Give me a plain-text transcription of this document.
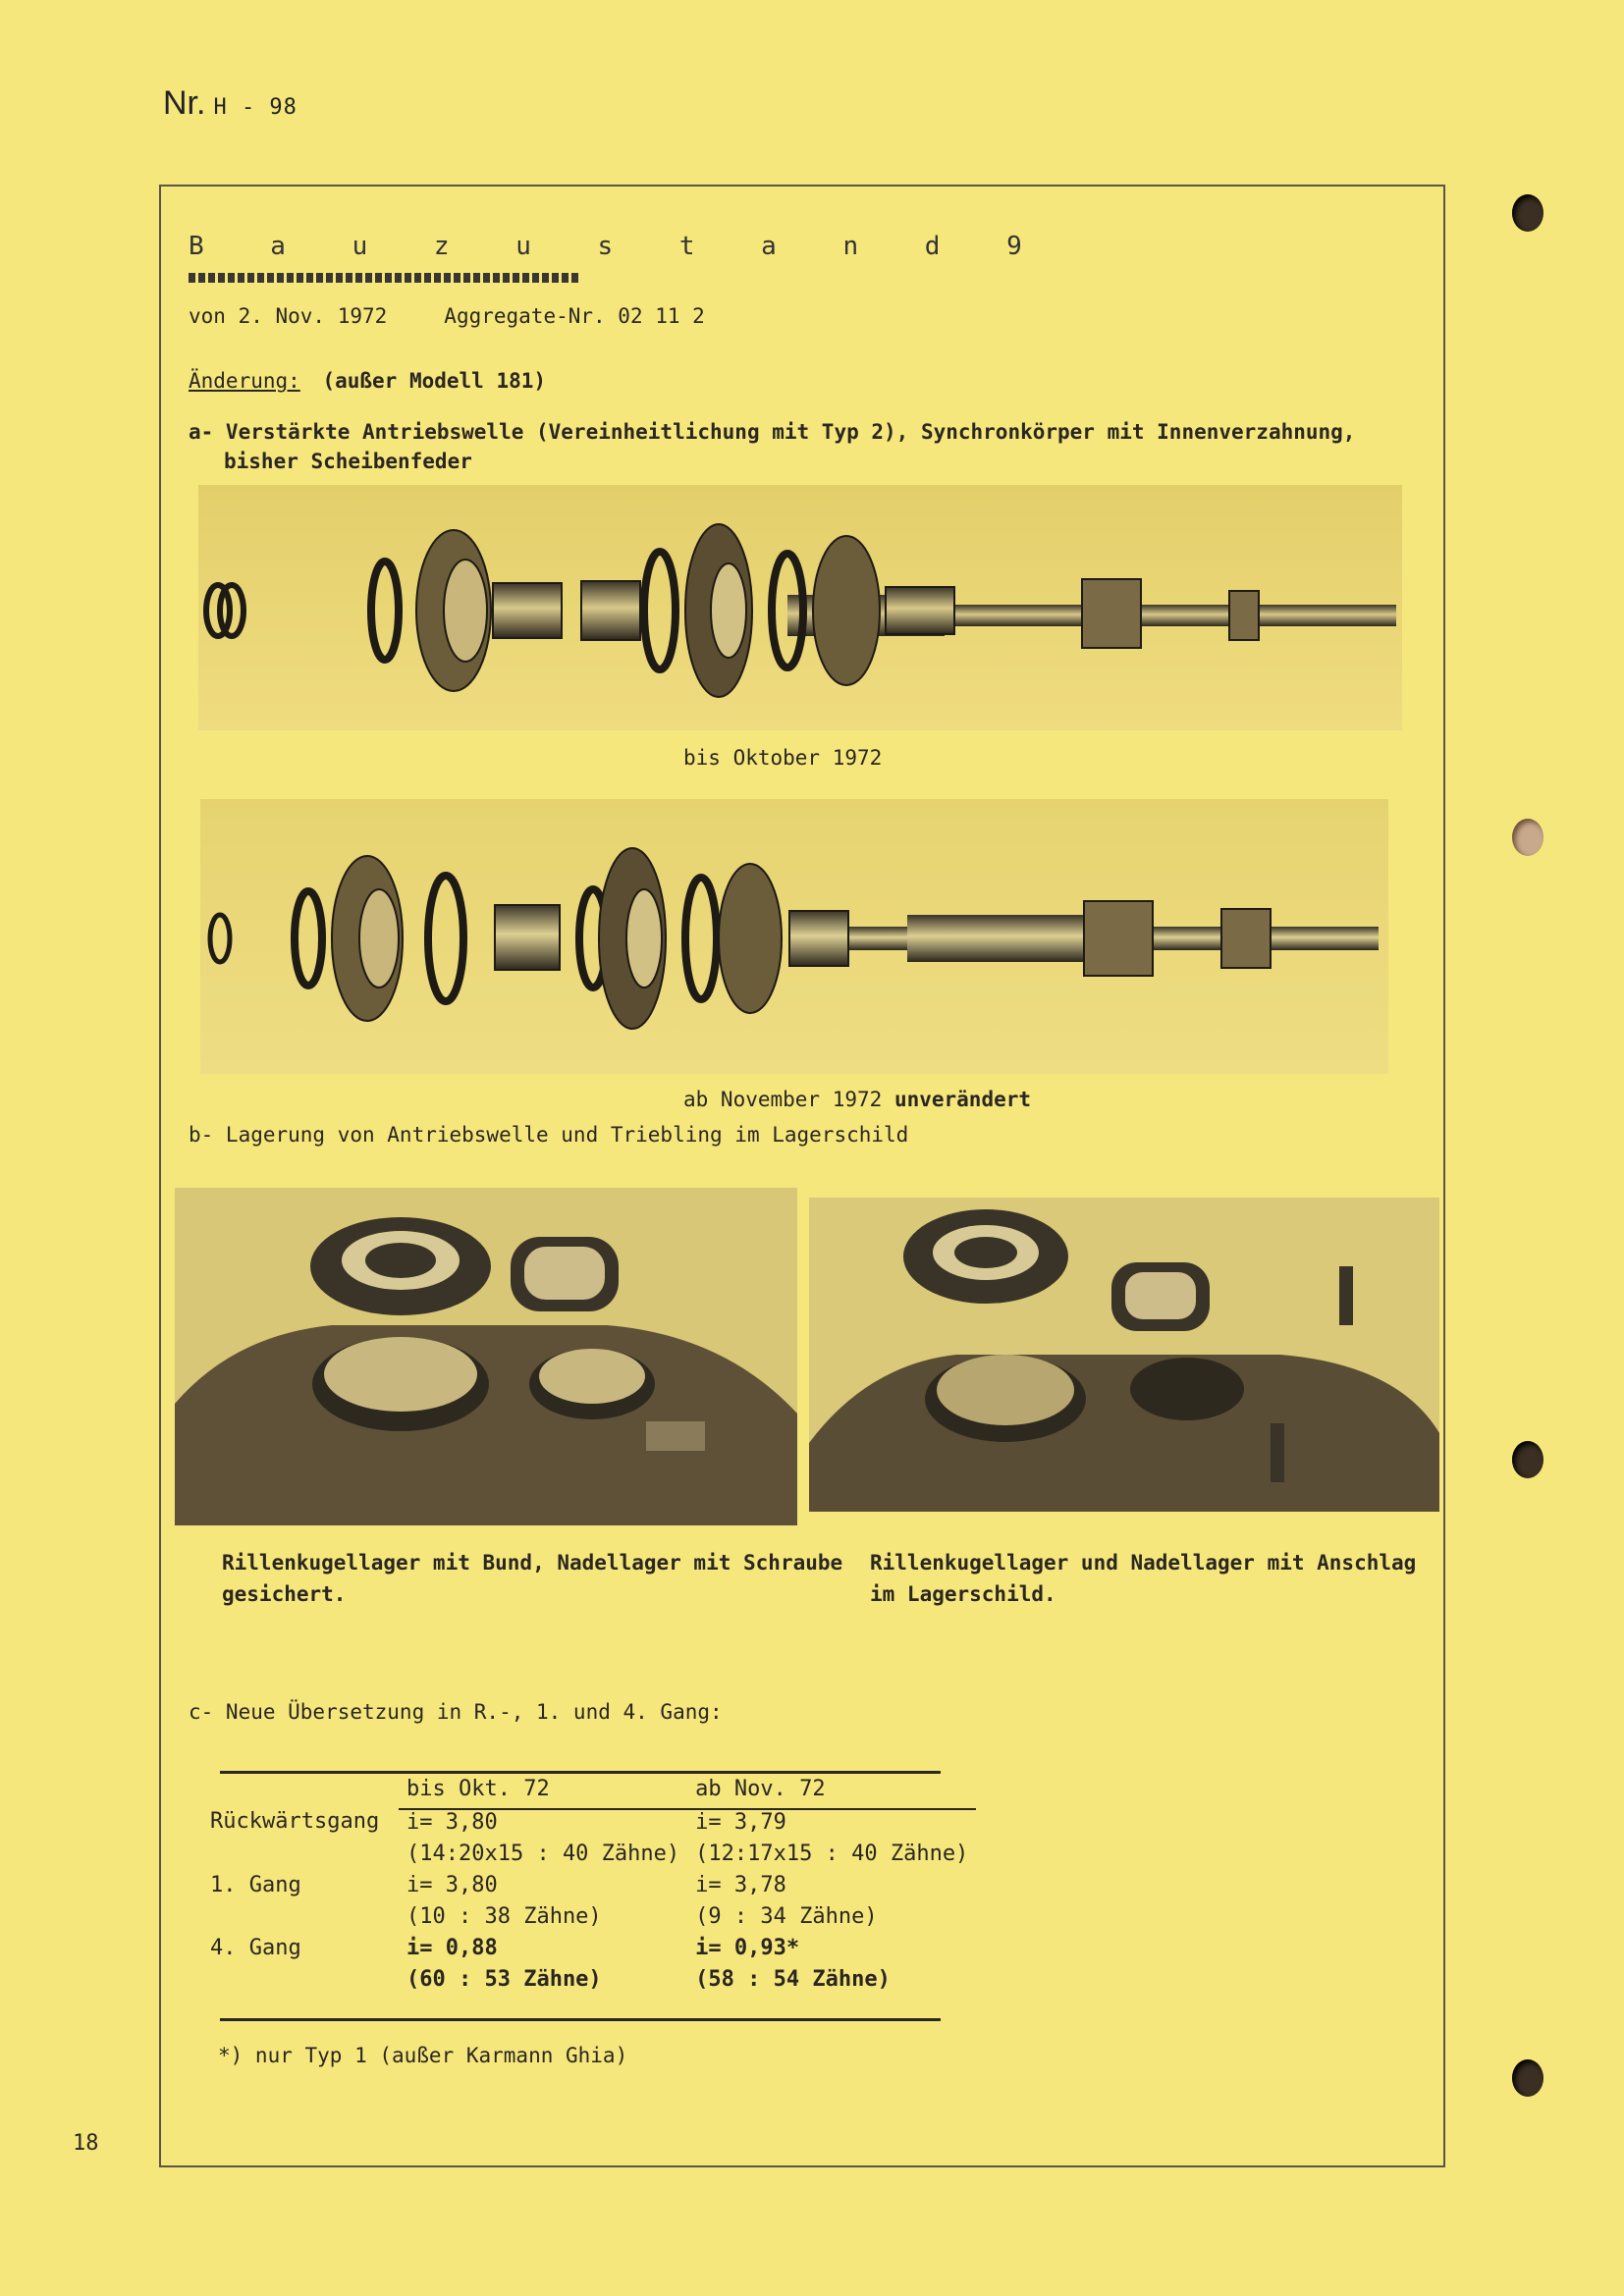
Nr. H - 98
B a u z u s t a n d 9
von 2. Nov. 1972	Aggregate-Nr. 02 11 2
Änderung: (außer Modell 181)
a- Verstärkte Antriebswelle (Vereinheitlichung mit Typ 2), Synchronkörper mit Innenverzahnung,
bisher Scheibenfeder
bis Oktober 1972
ab November 1972 unverändert
b- Lagerung von Antriebswelle und Triebling im Lagerschild
Rillenkugellager mit Bund, Nadellager mit Schraube
gesichert.
Rillenkugellager und Nadellager mit Anschlag
im Lagerschild.
c- Neue Übersetzung in R.-, 1. und 4. Gang:
	bis Okt. 72	ab Nov. 72
Rückwärtsgang	i= 3,80	i= 3,79
	(14:20x15 : 40 Zähne)	(12:17x15 : 40 Zähne)
1. Gang	i= 3,80	i= 3,78
	(10 : 38 Zähne)	(9 : 34 Zähne)
4. Gang	i= 0,88	i= 0,93*
	(60 : 53 Zähne)	(58 : 54 Zähne)
*) nur Typ 1 (außer Karmann Ghia)
18
